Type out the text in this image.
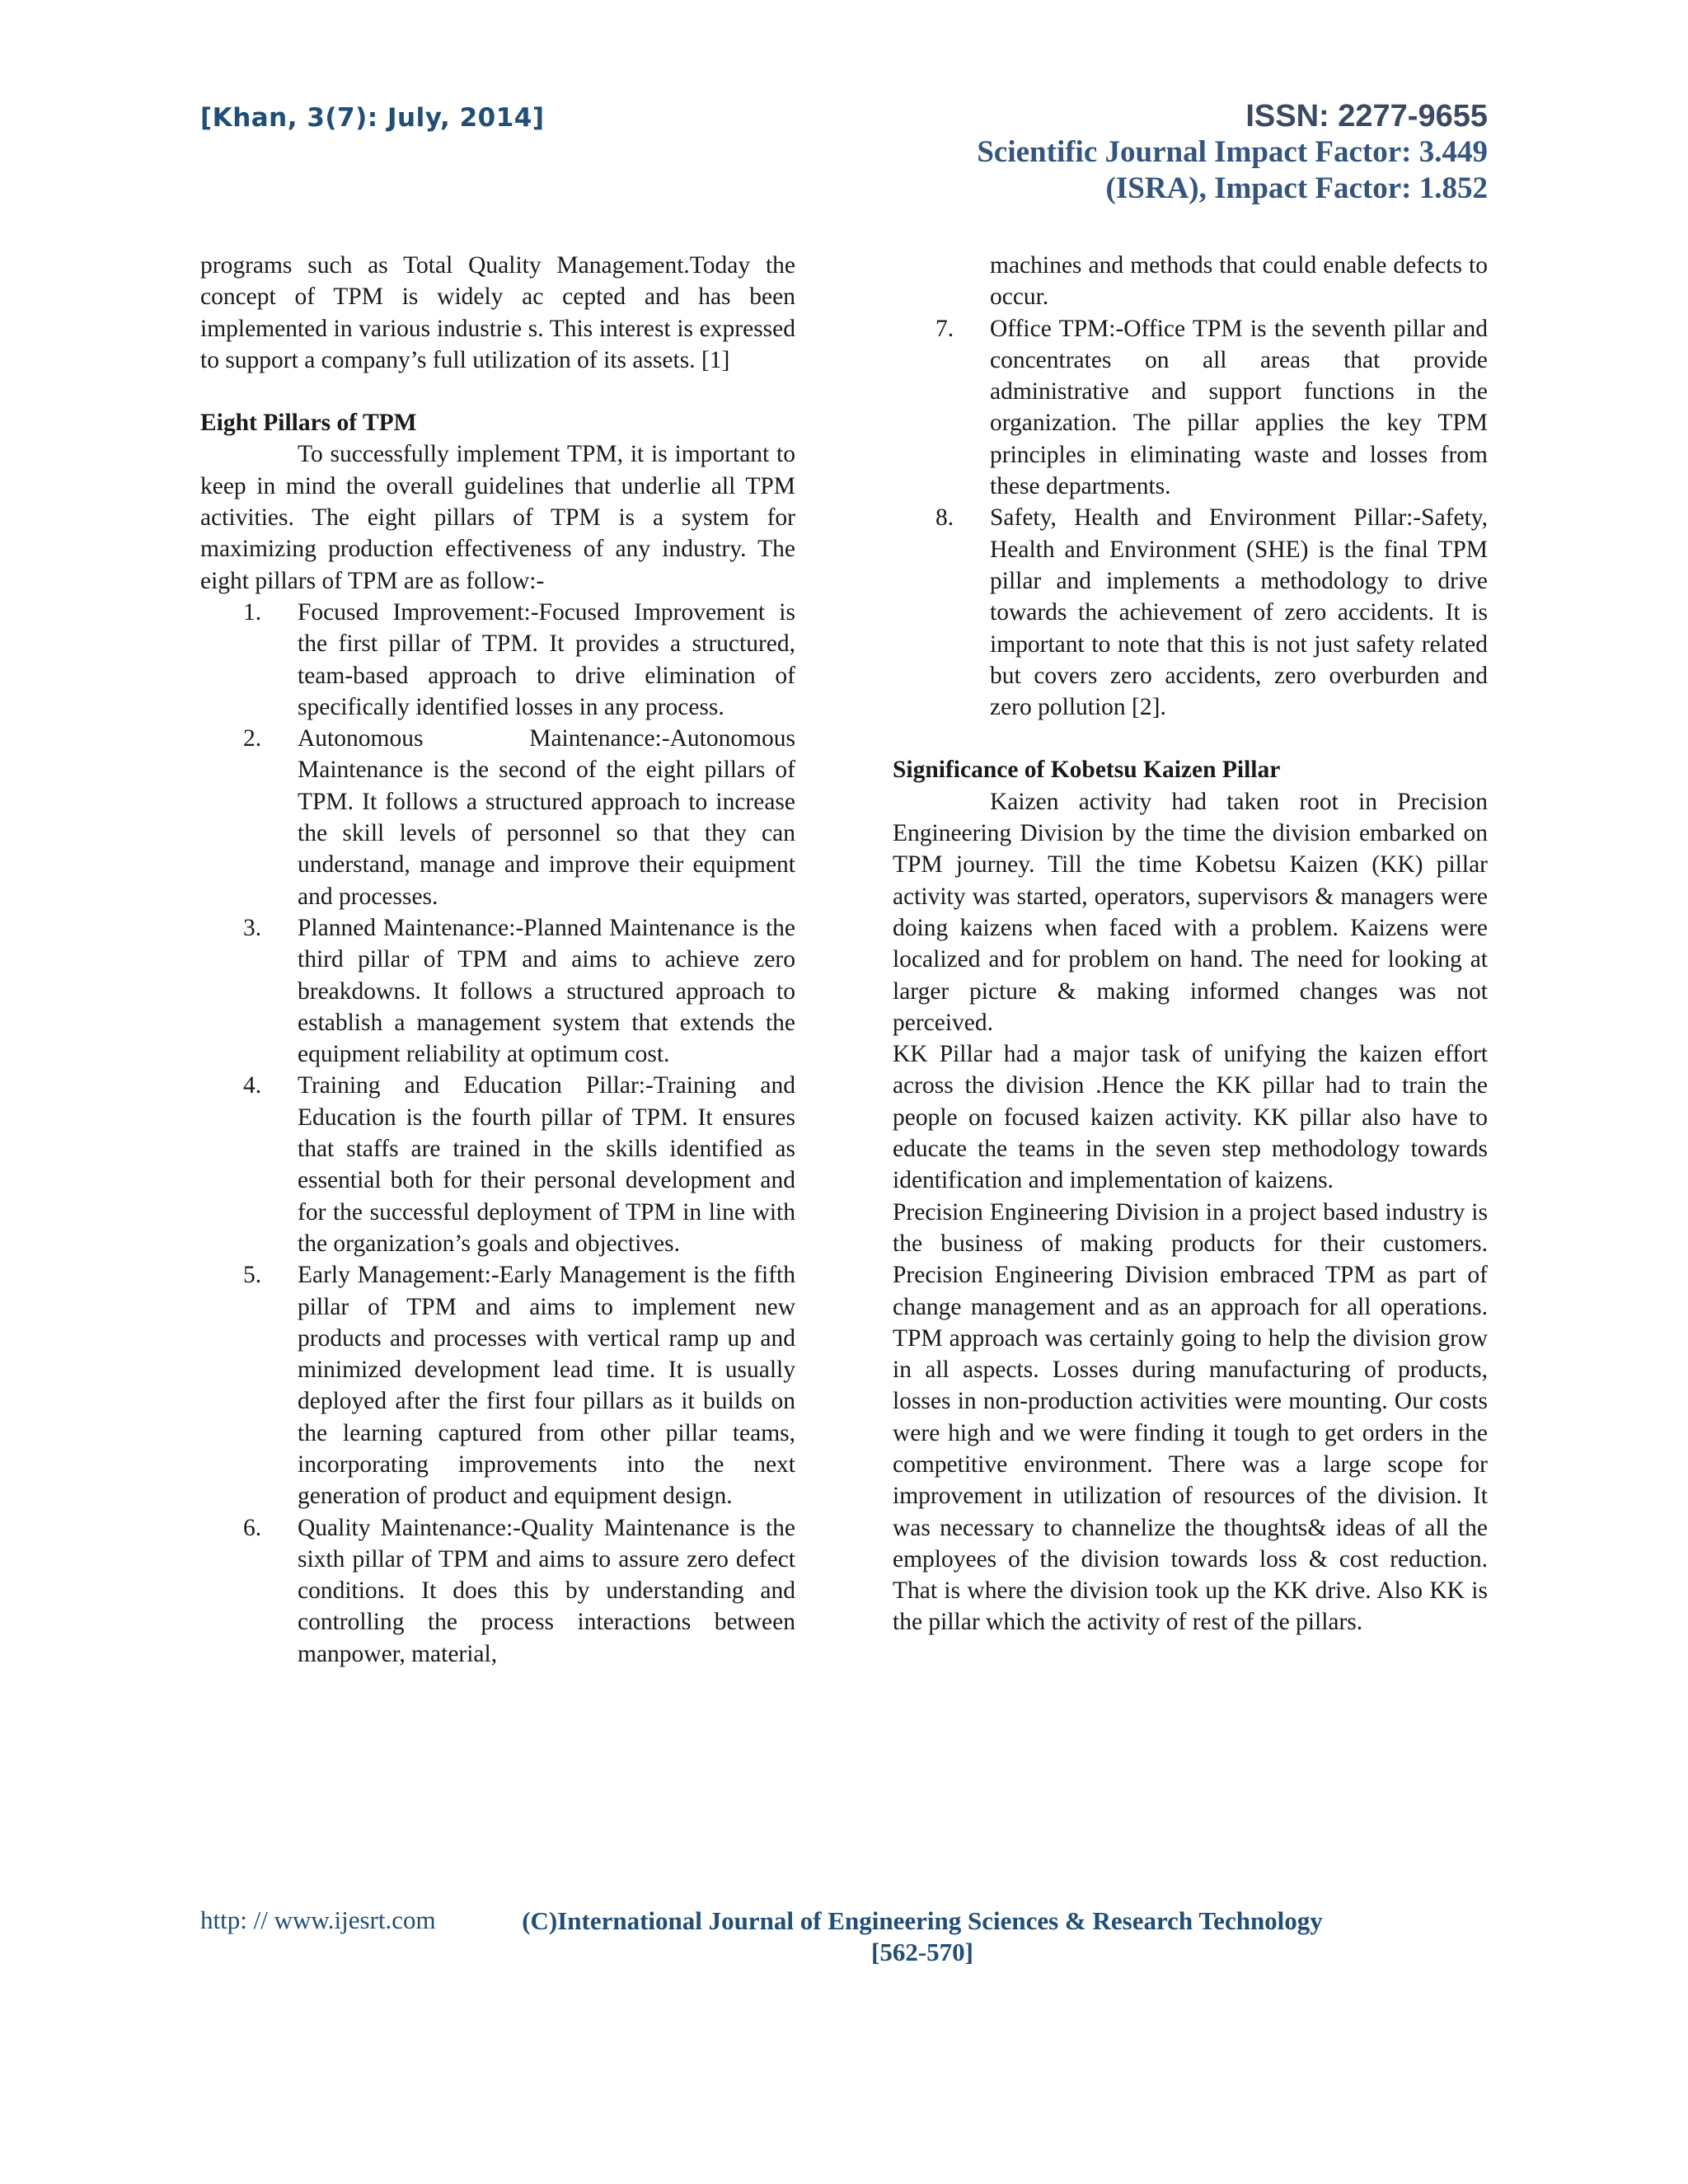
[Khan, 3(7): July, 2014]	ISSN: 2277-9655
Scientific Journal Impact Factor: 3.449
(ISRA), Impact Factor: 1.852

programs such as Total Quality Management.Today the concept of TPM is widely ac cepted and has been implemented in various industrie s. This interest is expressed to support a company’s full utilization of its assets. [1]

Eight Pillars of TPM

To successfully implement TPM, it is important to keep in mind the overall guidelines that underlie all TPM activities. The eight pillars of TPM is a system for maximizing production effectiveness of any industry. The eight pillars of TPM are as follow:-

1. Focused Improvement:-Focused Improvement is the first pillar of TPM. It provides a structured, team-based approach to drive elimination of specifically identified losses in any process.
2. Autonomous Maintenance:-Autonomous Maintenance is the second of the eight pillars of TPM. It follows a structured approach to increase the skill levels of personnel so that they can understand, manage and improve their equipment and processes.
3. Planned Maintenance:-Planned Maintenance is the third pillar of TPM and aims to achieve zero breakdowns. It follows a structured approach to establish a management system that extends the equipment reliability at optimum cost.
4. Training and Education Pillar:-Training and Education is the fourth pillar of TPM. It ensures that staffs are trained in the skills identified as essential both for their personal development and for the successful deployment of TPM in line with the organization’s goals and objectives.
5. Early Management:-Early Management is the fifth pillar of TPM and aims to implement new products and processes with vertical ramp up and minimized development lead time. It is usually deployed after the first four pillars as it builds on the learning captured from other pillar teams, incorporating improvements into the next generation of product and equipment design.
6. Quality Maintenance:-Quality Maintenance is the sixth pillar of TPM and aims to assure zero defect conditions. It does this by understanding and controlling the process interactions between manpower, material,
machines and methods that could enable defects to occur.
7. Office TPM:-Office TPM is the seventh pillar and concentrates on all areas that provide administrative and support functions in the organization. The pillar applies the key TPM principles in eliminating waste and losses from these departments.
8. Safety, Health and Environment Pillar:-Safety, Health and Environment (SHE) is the final TPM pillar and implements a methodology to drive towards the achievement of zero accidents. It is important to note that this is not just safety related but covers zero accidents, zero overburden and zero pollution [2].

Significance of Kobetsu Kaizen Pillar

Kaizen activity had taken root in Precision Engineering Division by the time the division embarked on TPM journey. Till the time Kobetsu Kaizen (KK) pillar activity was started, operators, supervisors & managers were doing kaizens when faced with a problem. Kaizens were localized and for problem on hand. The need for looking at larger picture & making informed changes was not perceived.

KK Pillar had a major task of unifying the kaizen effort across the division .Hence the KK pillar had to train the people on focused kaizen activity. KK pillar also have to educate the teams in the seven step methodology towards identification and implementation of kaizens.

Precision Engineering Division in a project based industry is the business of making products for their customers. Precision Engineering Division embraced TPM as part of change management and as an approach for all operations. TPM approach was certainly going to help the division grow in all aspects. Losses during manufacturing of products, losses in non-production activities were mounting. Our costs were high and we were finding it tough to get orders in the competitive environment. There was a large scope for improvement in utilization of resources of the division. It was necessary to channelize the thoughts& ideas of all the employees of the division towards loss & cost reduction. That is where the division took up the KK drive. Also KK is the pillar which the activity of rest of the pillars.

http: // www.ijesrt.com	(C)International Journal of Engineering Sciences & Research Technology
[562-570]
